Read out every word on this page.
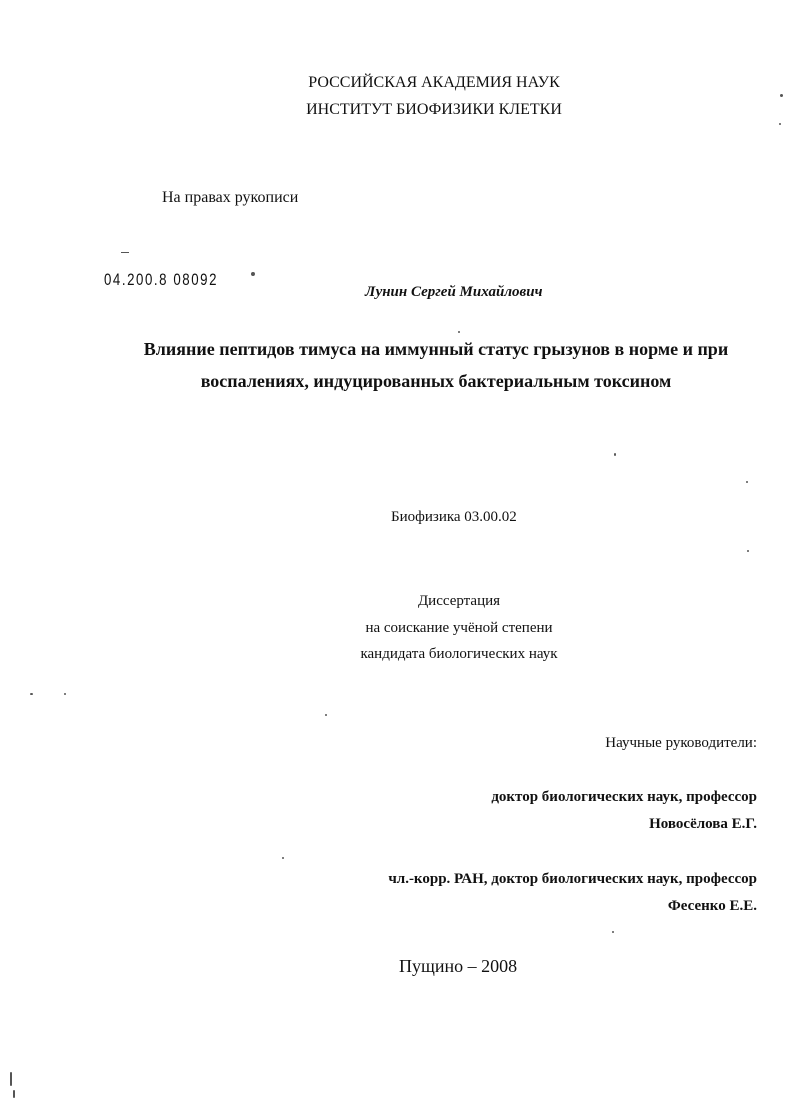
РОССИЙСКАЯ АКАДЕМИЯ НАУК
ИНСТИТУТ БИОФИЗИКИ КЛЕТКИ
На правах рукописи
04.200.8 08092
Лунин Сергей Михайлович
Влияние пептидов тимуса на иммунный статус грызунов в норме и при
воспалениях, индуцированных бактериальным токсином
Биофизика 03.00.02
Диссертация
на соискание учёной степени
кандидата биологических наук
Научные руководители:
доктор биологических наук, профессор
Новосёлова Е.Г.
чл.-корр. РАН, доктор биологических наук, профессор
Фесенко Е.Е.
Пущино – 2008
